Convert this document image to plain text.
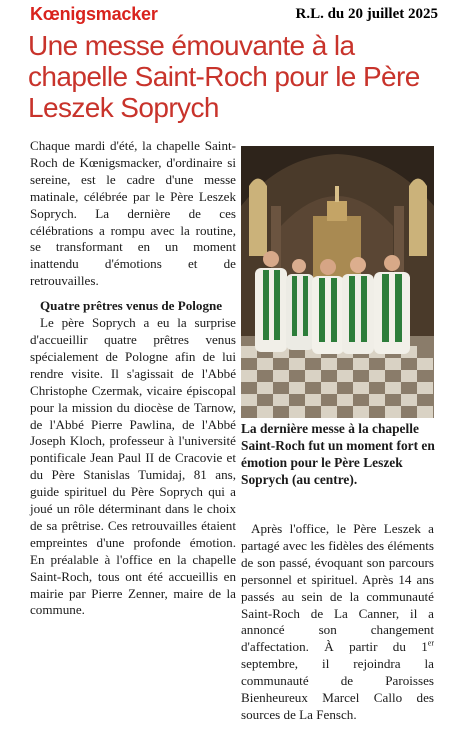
Kœnigsmacker	R.L. du 20 juillet 2025
Une messe émouvante à la chapelle Saint-Roch pour le Père Leszek Soprych

Chaque mardi d'été, la chapelle Saint-Roch de Kœnigsmacker, d'ordinaire si sereine, est le cadre d'une messe matinale, célébrée par le Père Leszek Soprych. La dernière de ces célébrations a rompu avec la routine, se transformant en un moment inattendu d'émotions et de retrouvailles.

Quatre prêtres venus de Pologne

Le père Soprych a eu la surprise d'accueillir quatre prêtres venus spécialement de Pologne afin de lui rendre visite. Il s'agissait de l'Abbé Christophe Czermak, vicaire épiscopal pour la mission du diocèse de Tarnow, de l'Abbé Pierre Pawlina, de l'Abbé Joseph Kloch, professeur à l'université pontificale Jean Paul II de Cracovie et du Père Stanislas Tumidaj, 81 ans, guide spirituel du Père Soprych qui a joué un rôle déterminant dans le choix de sa prêtrise. Ces retrouvailles étaient empreintes d'une profonde émotion. En préalable à l'office en la chapelle Saint-Roch, tous ont été accueillis en mairie par Pierre Zenner, maire de la commune.

La dernière messe à la chapelle Saint-Roch fut un moment fort en émotion pour le Père Leszek Soprych (au centre).

Après l'office, le Père Leszek a partagé avec les fidèles des éléments de son passé, évoquant son parcours personnel et spirituel. Après 14 ans passés au sein de la communauté Saint-Roch de La Canner, il a annoncé son changement d'affectation. À partir du 1er septembre, il rejoindra la communauté de Paroisses Bienheureux Marcel Callo des sources de La Fensch.
